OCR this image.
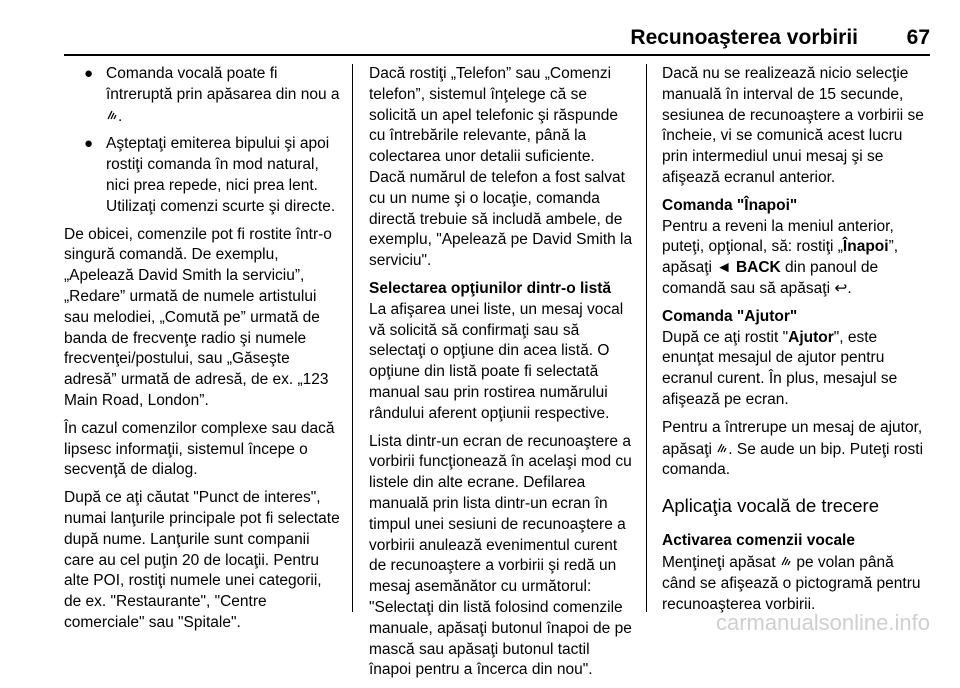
Recunoaşterea vorbirii 67
● Comanda vocală poate fi întreruptă prin apăsarea din nou a .
● Aşteptaţi emiterea bipului şi apoi rostiţi comanda în mod natural, nici prea repede, nici prea lent. Utilizaţi comenzi scurte şi directe.

De obicei, comenzile pot fi rostite într-o singură comandă. De exemplu, „Apelează David Smith la serviciu”, „Redare” urmată de numele artistului sau melodiei, „Comută pe” urmată de banda de frecvenţe radio şi numele frecvenţei/postului, sau „Găseşte adresă” urmată de adresă, de ex. „123 Main Road, London”.

În cazul comenzilor complexe sau dacă lipsesc informaţii, sistemul începe o secvenţă de dialog.

După ce aţi căutat "Punct de interes", numai lanţurile principale pot fi selectate după nume. Lanţurile sunt companii care au cel puţin 20 de locaţii. Pentru alte POI, rostiţi numele unei categorii, de ex. "Restaurante", "Centre comerciale" sau "Spitale".

Dacă rostiţi „Telefon” sau „Comenzi telefon”, sistemul înţelege că se solicită un apel telefonic şi răspunde cu întrebările relevante, până la colectarea unor detalii suficiente. Dacă numărul de telefon a fost salvat cu un nume şi o locaţie, comanda directă trebuie să includă ambele, de exemplu, "Apelează pe David Smith la serviciu".

Selectarea opţiunilor dintr-o listă
La afişarea unei liste, un mesaj vocal vă solicită să confirmaţi sau să selectaţi o opţiune din acea listă. O opţiune din listă poate fi selectată manual sau prin rostirea numărului rândului aferent opţiunii respective.

Lista dintr-un ecran de recunoaştere a vorbirii funcţionează în acelaşi mod cu listele din alte ecrane. Defilarea manuală prin lista dintr-un ecran în timpul unei sesiuni de recunoaştere a vorbirii anulează evenimentul curent de recunoaştere a vorbirii şi redă un mesaj asemănător cu următorul: "Selectaţi din listă folosind comenzile manuale, apăsaţi butonul înapoi de pe mască sau apăsaţi butonul tactil înapoi pentru a încerca din nou".

Dacă nu se realizează nicio selecţie manuală în interval de 15 secunde, sesiunea de recunoaştere a vorbirii se încheie, vi se comunică acest lucru prin intermediul unui mesaj şi se afişează ecranul anterior.

Comanda "Înapoi"
Pentru a reveni la meniul anterior, puteţi, opţional, să: rostiţi „Înapoi”, apăsaţi ◄ BACK din panoul de comandă sau să apăsaţi ↩.

Comanda "Ajutor"
După ce aţi rostit "Ajutor", este enunţat mesajul de ajutor pentru ecranul curent. În plus, mesajul se afişează pe ecran.

Pentru a întrerupe un mesaj de ajutor, apăsaţi . Se aude un bip. Puteţi rosti comanda.

Aplicaţia vocală de trecere

Activarea comenzii vocale
Menţineţi apăsat pe volan până când se afişează o pictogramă pentru recunoaşterea vorbirii.

carmanualsonline.info
